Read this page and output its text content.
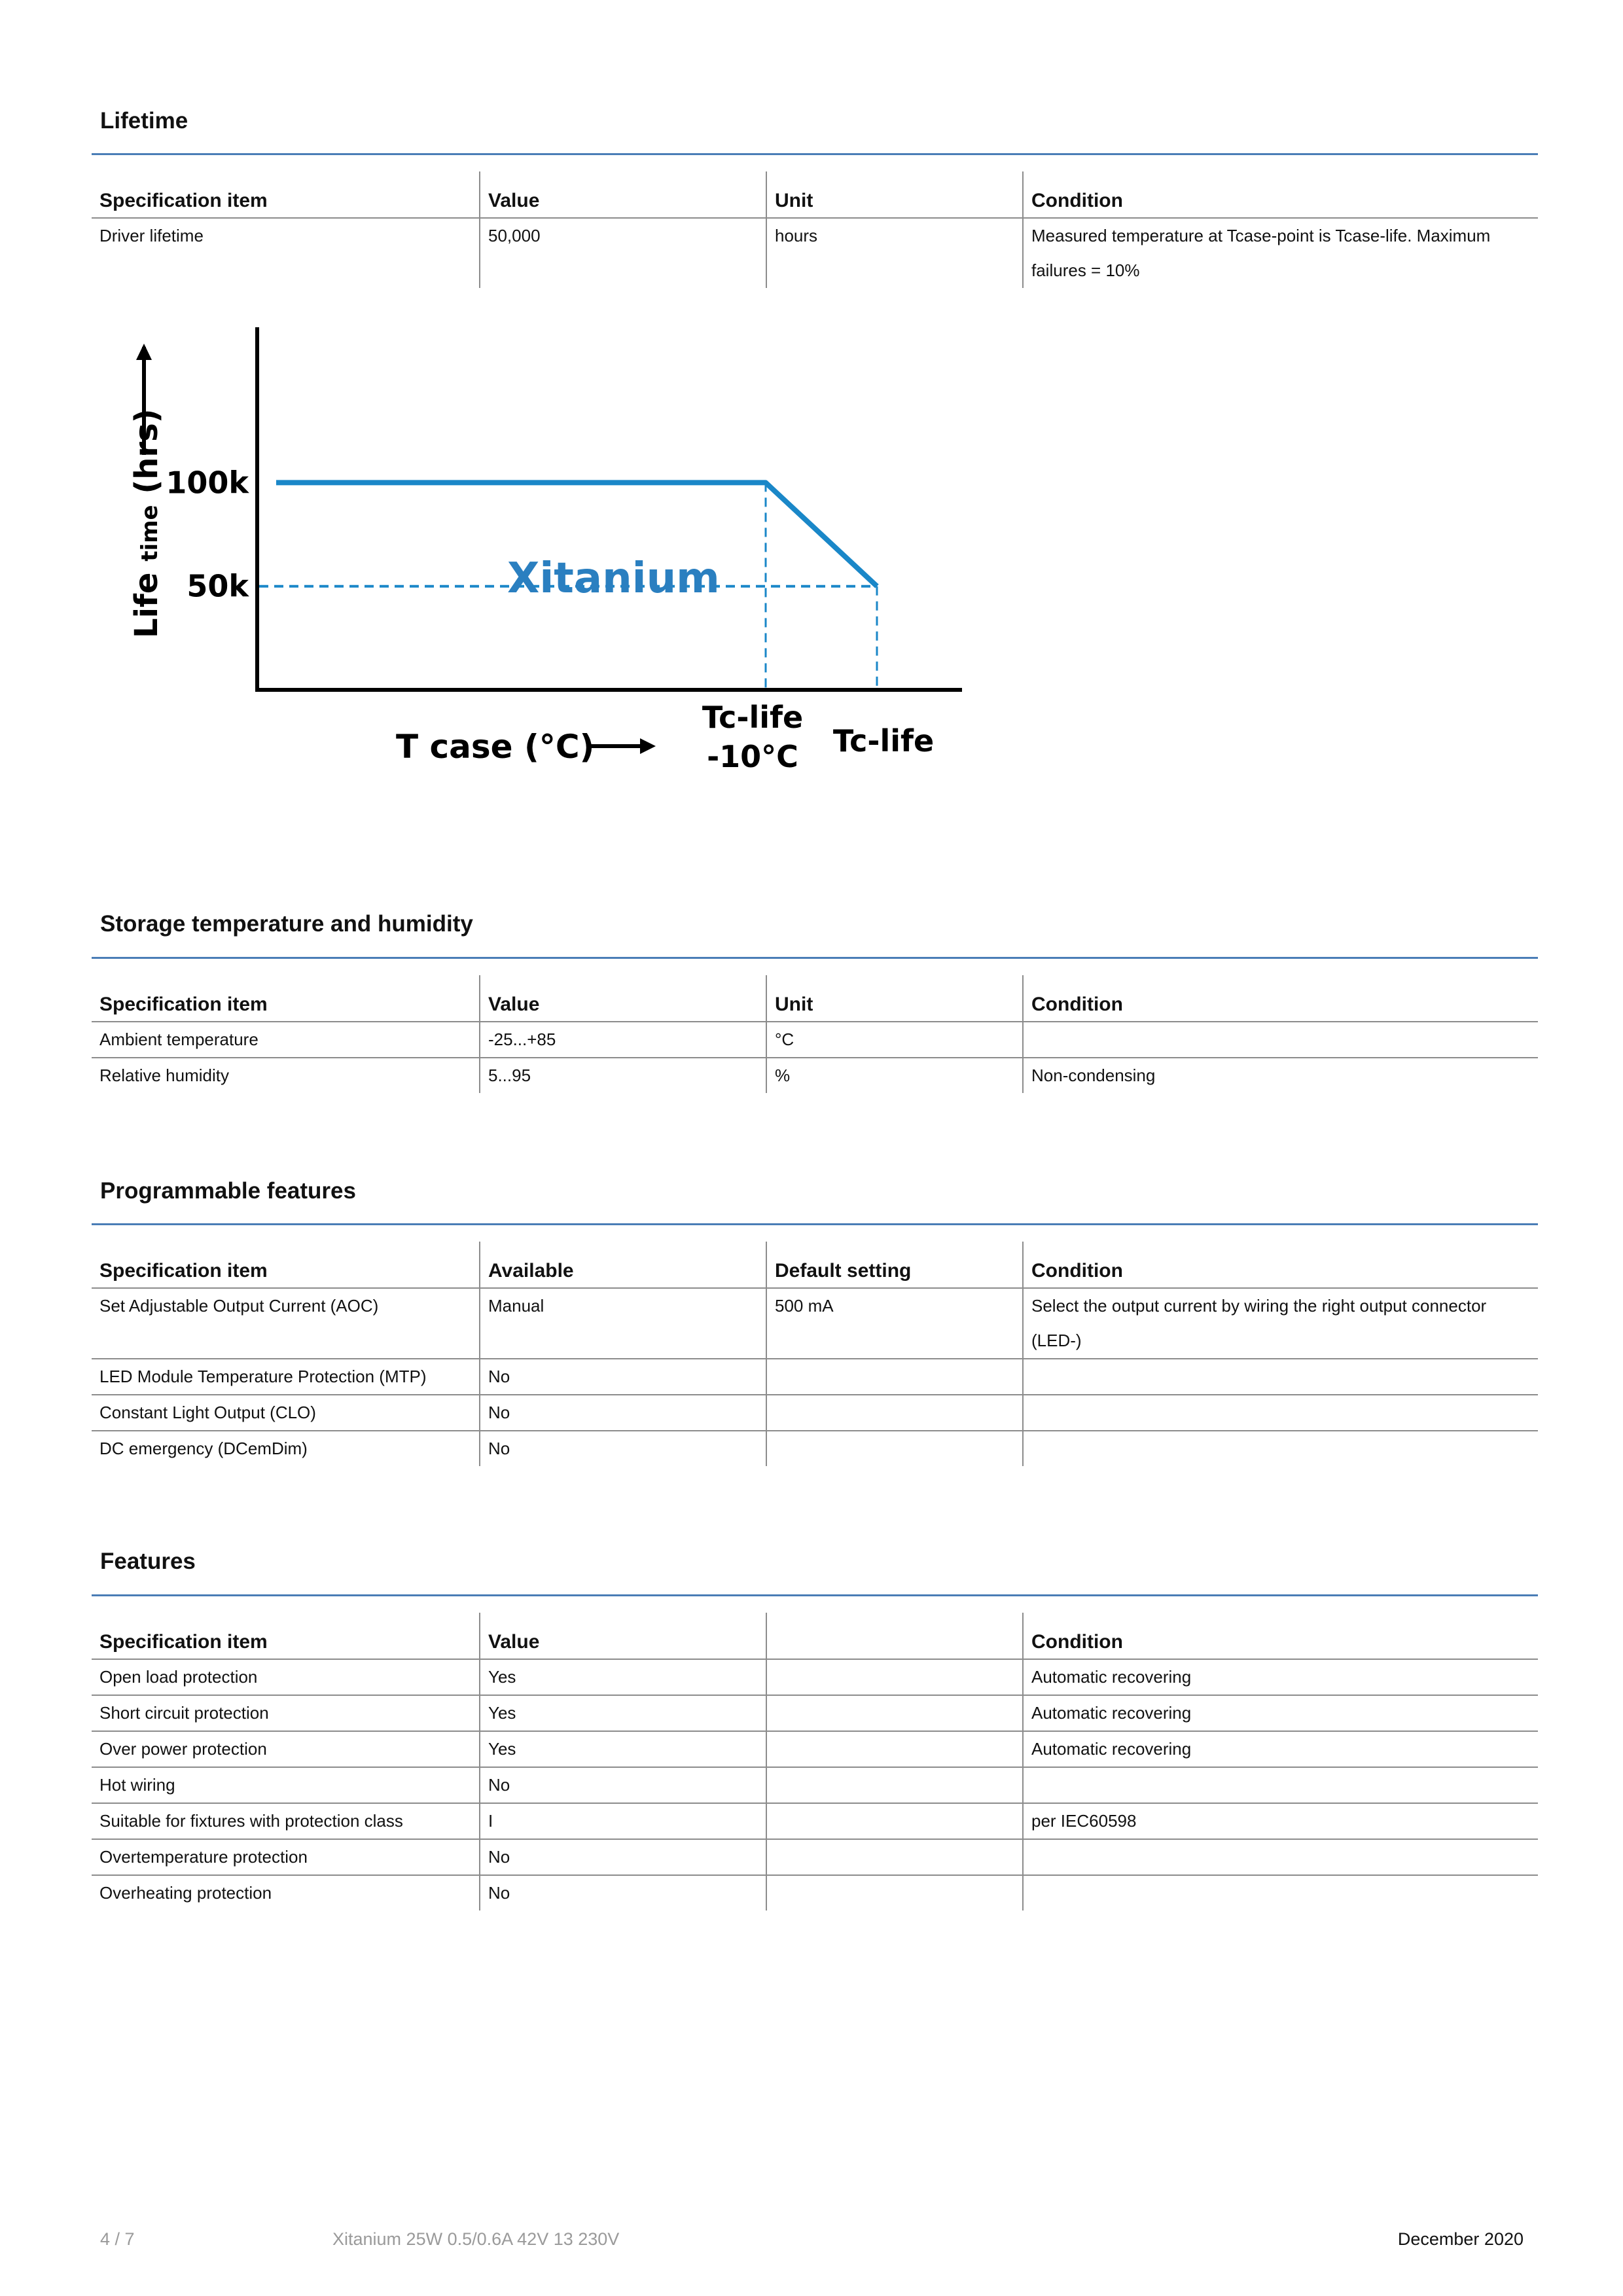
Lifetime
Specification item	Value	Unit	Condition
Driver lifetime	50,000	hours	Measured temperature at Tcase-point is Tcase-life. Maximum failures = 10%
Life time (hrs) 100k
50k	Xitanium
T case (°C)
Tc-life
-10°C Tc-life
Storage temperature and humidity
Specification item	Value	Unit	Condition
Ambient temperature	-25...+85	°C	
Relative humidity	5...95	%	Non-condensing
Programmable features
Specification item	Available	Default setting	Condition
Set Adjustable Output Current (AOC)	Manual	500 mA	Select the output current by wiring the right output connector (LED-)
LED Module Temperature Protection (MTP)	No		
Constant Light Output (CLO)	No		
DC emergency (DCemDim)	No		
Features
Specification item	Value		Condition
Open load protection	Yes		Automatic recovering
Short circuit protection	Yes		Automatic recovering
Over power protection	Yes		Automatic recovering
Hot wiring	No		
Suitable for fixtures with protection class	I		per IEC60598
Overtemperature protection	No		
Overheating protection	No		
4 / 7	Xitanium 25W 0.5/0.6A 42V 13 230V	December 2020
